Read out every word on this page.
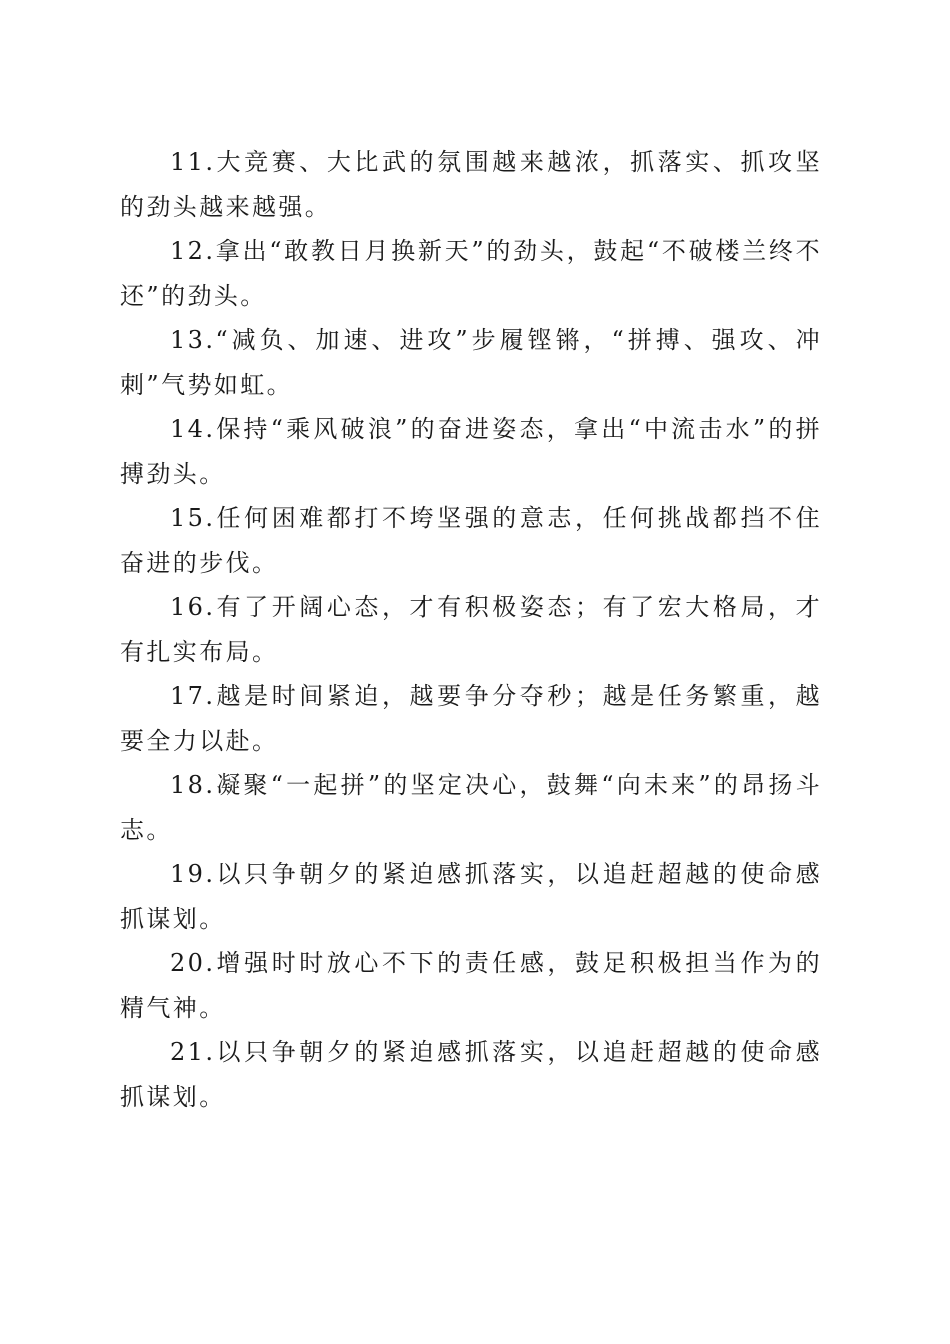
11.大竞赛、大比武的氛围越来越浓，抓落实、抓攻坚的劲头越来越强。

12.拿出“敢教日月换新天”的劲头，鼓起“不破楼兰终不还”的劲头。

13.“减负、加速、进攻”步履铿锵，“拼搏、强攻、冲刺”气势如虹。

14.保持“乘风破浪”的奋进姿态，拿出“中流击水”的拼搏劲头。

15.任何困难都打不垮坚强的意志，任何挑战都挡不住奋进的步伐。

16.有了开阔心态，才有积极姿态；有了宏大格局，才有扎实布局。

17.越是时间紧迫，越要争分夺秒；越是任务繁重，越要全力以赴。

18.凝聚“一起拼”的坚定决心，鼓舞“向未来”的昂扬斗志。

19.以只争朝夕的紧迫感抓落实，以追赶超越的使命感抓谋划。

20.增强时时放心不下的责任感，鼓足积极担当作为的精气神。

21.以只争朝夕的紧迫感抓落实，以追赶超越的使命感抓谋划。
